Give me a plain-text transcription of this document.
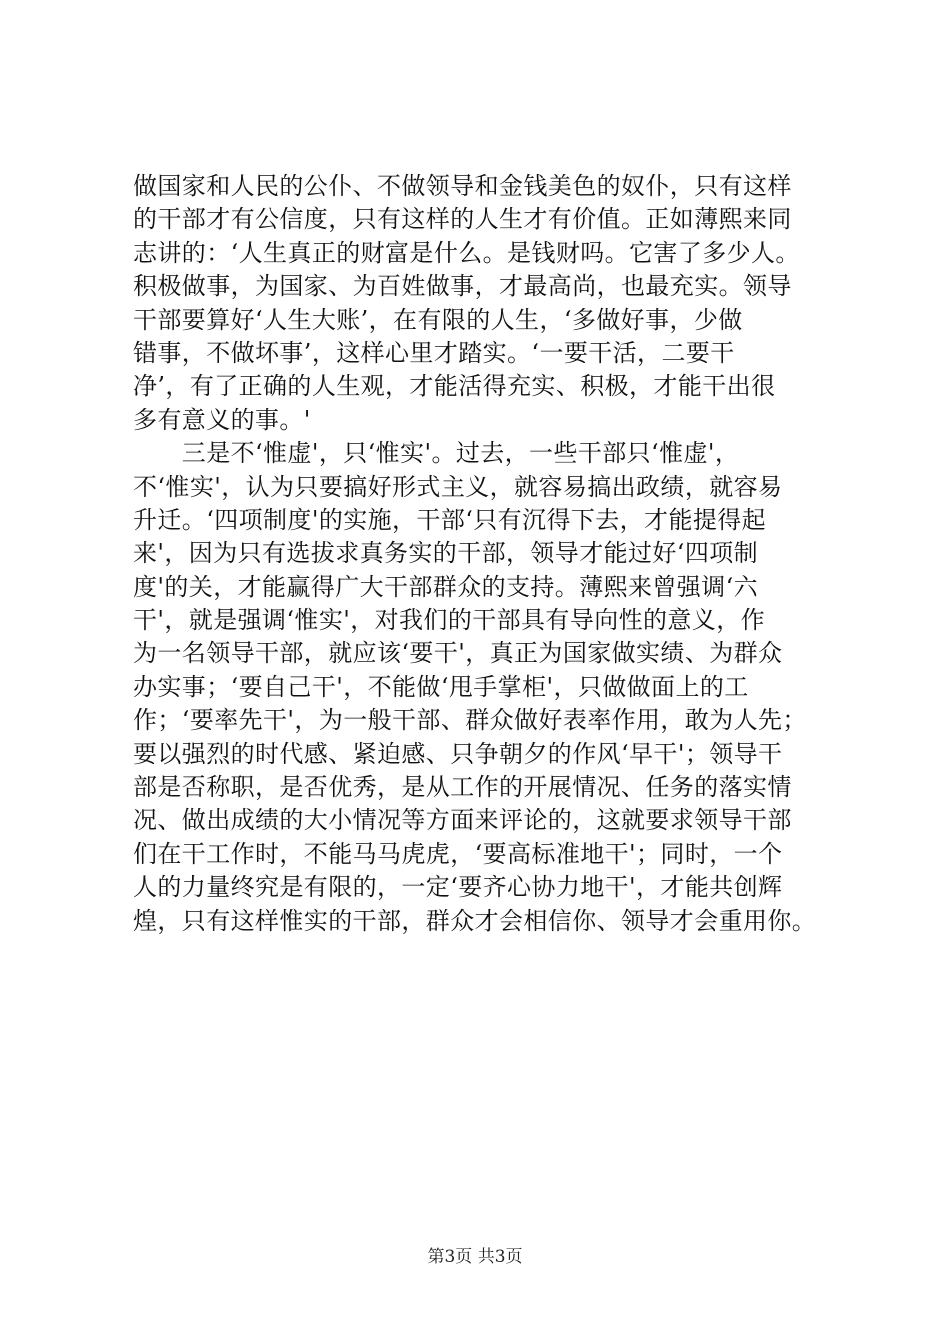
做国家和人民的公仆、不做领导和金钱美色的奴仆，只有这样
的干部才有公信度，只有这样的人生才有价值。正如薄熙来同
志讲的：‘人生真正的财富是什么。是钱财吗。它害了多少人。
积极做事，为国家、为百姓做事，才最高尚，也最充实。领导
干部要算好‘人生大账’，在有限的人生，‘多做好事，少做
错事，不做坏事’，这样心里才踏实。‘一要干活，二要干
净’，有了正确的人生观，才能活得充实、积极，才能干出很
多有意义的事。'
　　三是不‘惟虚'，只‘惟实'。过去，一些干部只‘惟虚'，
不‘惟实'，认为只要搞好形式主义，就容易搞出政绩，就容易
升迁。‘四项制度'的实施，干部‘只有沉得下去，才能提得起
来'，因为只有选拔求真务实的干部，领导才能过好‘四项制
度'的关，才能赢得广大干部群众的支持。薄熙来曾强调‘六
干'，就是强调‘惟实'，对我们的干部具有导向性的意义，作
为一名领导干部，就应该‘要干'，真正为国家做实绩、为群众
办实事；‘要自己干'，不能做‘甩手掌柜'，只做做面上的工
作；‘要率先干'，为一般干部、群众做好表率作用，敢为人先；
要以强烈的时代感、紧迫感、只争朝夕的作风‘早干'；领导干
部是否称职，是否优秀，是从工作的开展情况、任务的落实情
况、做出成绩的大小情况等方面来评论的，这就要求领导干部
们在干工作时，不能马马虎虎，‘要高标准地干'；同时，一个
人的力量终究是有限的，一定‘要齐心协力地干'，才能共创辉
煌，只有这样惟实的干部，群众才会相信你、领导才会重用你。
第3页 共3页
